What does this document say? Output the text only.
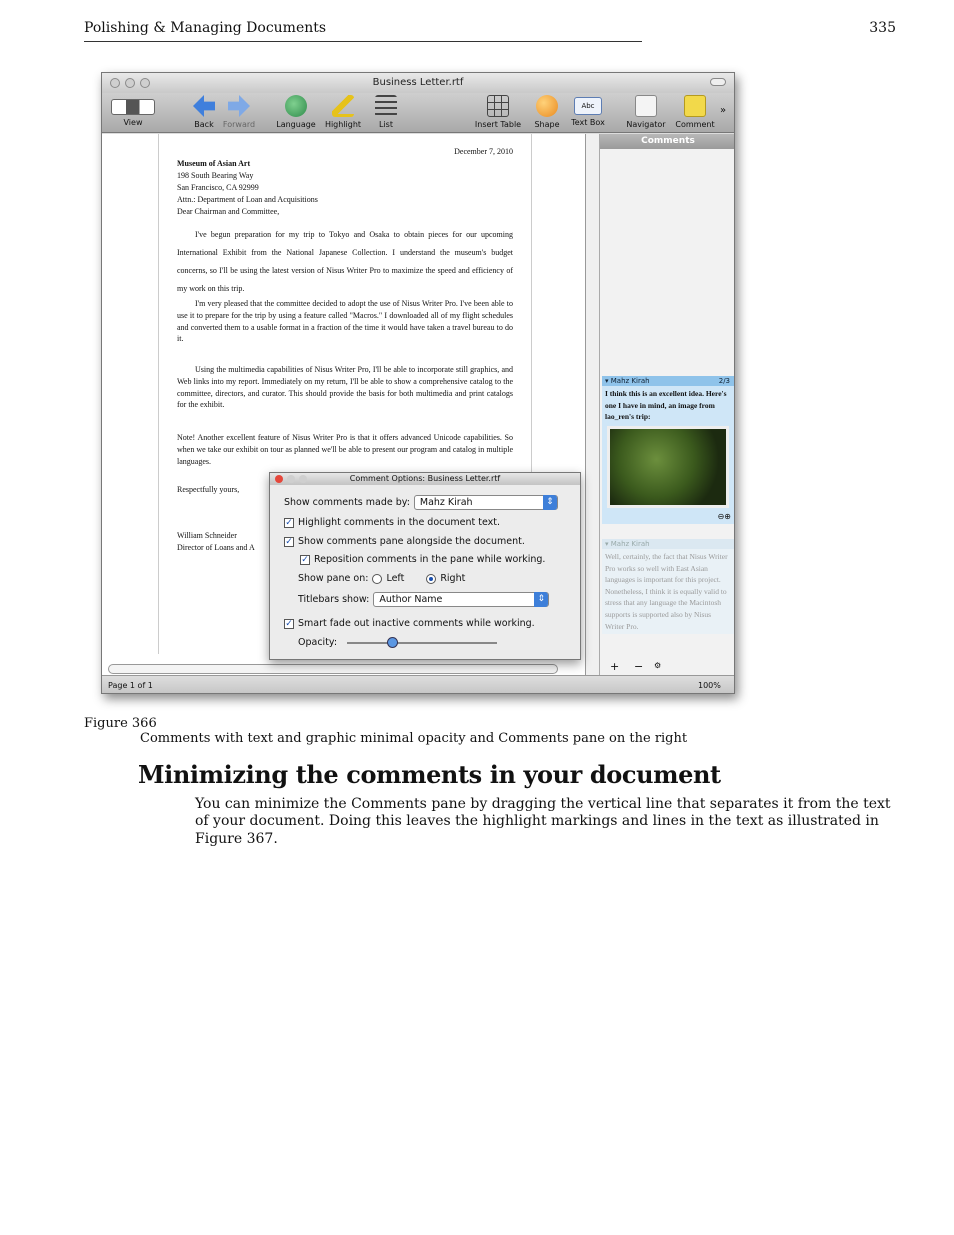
Polishing & Managing Documents	335
Business Letter.rtf
View	Back	Forward	Language	Highlight	List	Insert Table	Shape
Abc
Text Box	Navigator	Comment
»

December 7, 2010

Museum of Asian Art

198 South Bearing Way

San Francisco, CA 92999

Attn.: Department of Loan and Acquisitions

Dear Chairman and Committee,

I've begun preparation for my trip to Tokyo and Osaka to obtain pieces for our upcoming International Exhibit from the National Japanese Collection. I understand the museum's budget concerns, so I'll be using the latest version of Nisus Writer Pro to maximize the speed and efficiency of my work on this trip.

I'm very pleased that the committee decided to adopt the use of Nisus Writer Pro. I've been able to use it to prepare for the trip by using a feature called "Macros." I downloaded all of my flight schedules and converted them to a usable format in a fraction of the time it would have taken a travel bureau to do it.

Using the multimedia capabilities of Nisus Writer Pro, I'll be able to incorporate still graphics, and Web links into my report. Immediately on my return, I'll be able to show a comprehensive catalog to the committee, directors, and curator. This should provide the basis for both multimedia and print catalogs for the exhibit.

Note! Another excellent feature of Nisus Writer Pro is that it offers advanced Unicode capabilities. So when we take our exhibit on tour as planned we'll be able to present our program and catalog in multiple languages.

Respectfully yours,

William Schneider

Director of Loans and A

Comments
▾ Mahz Kirah	2/3
I think this is an excellent idea. Here's one I have in mind, an image from lao_ren's trip:
⊖⊕
▾ Mahz Kirah
Well, certainly, the fact that Nisus Writer Pro works so well with East Asian languages is important for this project. Nonetheless, I think it is equally valid to stress that any language the Macintosh supports is supported also by Nisus Writer Pro.
Page 1 of 1
+ − ⚙
100%
Comment Options: Business Letter.rtf
Show comments made by:	Mahz Kirah ⇕
✓ Highlight comments in the document text.
✓ Show comments pane alongside the document.
✓ Reposition comments in the pane while working.
Show pane on: Left	Right
Titlebars show:	Author Name ⇕
✓ Smart fade out inactive comments while working.
Opacity:
Figure 366
Comments with text and graphic minimal opacity and Comments pane on the right
Minimizing the comments in your document
You can minimize the Comments pane by dragging the vertical line that separates it from the text of your document. Doing this leaves the highlight markings and lines in the text as illustrated in Figure 367.
